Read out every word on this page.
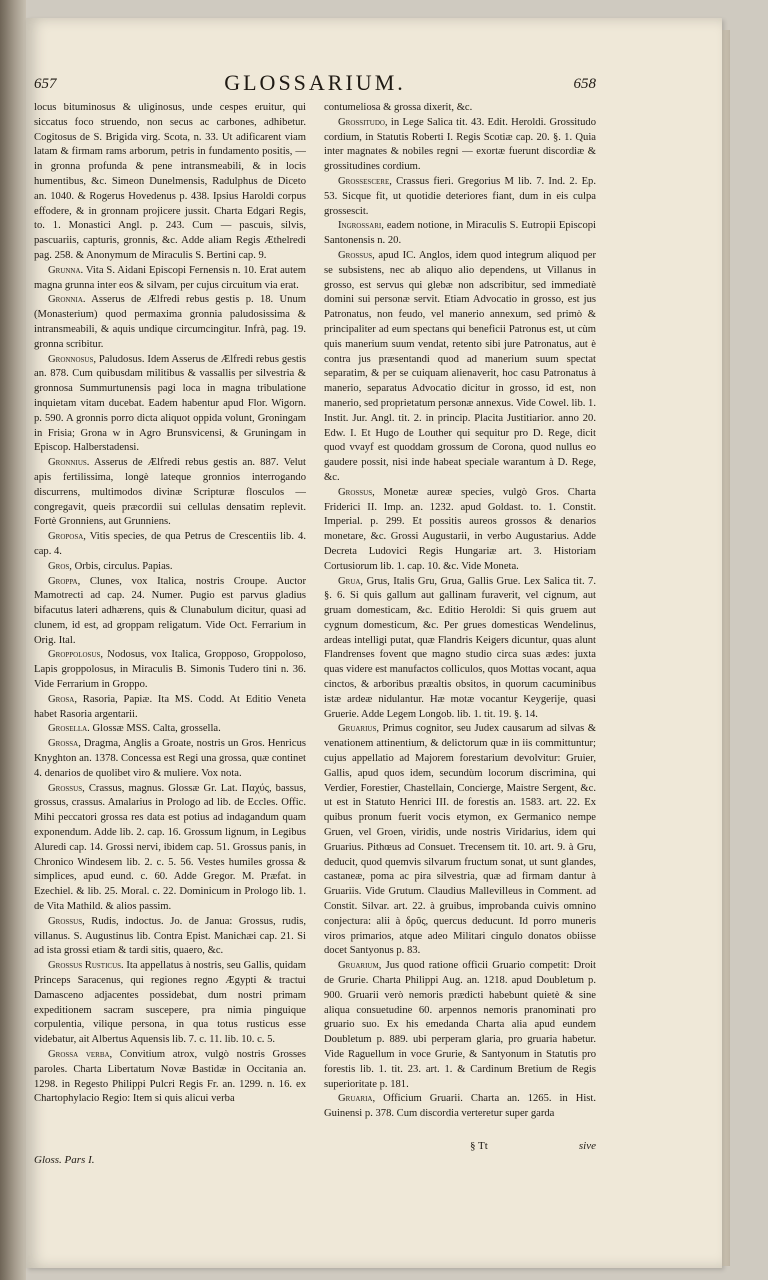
657	GLOSSARIUM.	658

locus bituminosus & uliginosus, unde cespes eruitur, qui siccatus foco struendo, non secus ac carbones, adhibetur. Cogitosus de S. Brigida virg. Scota, n. 33. Ut adificarent viam latam & firmam rams arborum, petris in fundamento positis, — in gronna profunda & pene intransmeabili, & in locis humentibus, &c. Simeon Dunelmensis, Radulphus de Diceto an. 1040. & Rogerus Hovedenus p. 438. Ipsius Haroldi corpus effodere, & in gronnam projicere jussit. Charta Edgari Regis, to. 1. Monastici Angl. p. 243. Cum — pascuis, silvis, pascuariis, capturis, gronnis, &c. Adde aliam Regis Æthelredi pag. 258. & Anonymum de Miraculis S. Bertini cap. 9.

Grunna. Vita S. Aidani Episcopi Fernensis n. 10. Erat autem magna grunna inter eos & silvam, per cujus circuitum via erat.

Gronnia. Asserus de Ælfredi rebus gestis p. 18. Unum (Monasterium) quod permaxima gronnia paludosissima & intransmeabili, & aquis undique circumcingitur. Infrà, pag. 19. gronna scribitur.

Gronnosus, Paludosus. Idem Asserus de Ælfredi rebus gestis an. 878. Cum quibusdam militibus & vassallis per silvestria & gronnosa Summurtunensis pagi loca in magna tribulatione inquietam vitam ducebat. Eadem habentur apud Flor. Wigorn. p. 590. A gronnis porro dicta aliquot oppida volunt, Groningam in Frisia; Grona w in Agro Brunsvicensi, & Gruningam in Episcop. Halberstadensi.

Gronnius. Asserus de Ælfredi rebus gestis an. 887. Velut apis fertilissima, longè lateque gronnios interrogando discurrens, multimodos divinæ Scripturæ flosculos — congregavit, queis præcordii sui cellulas densatim replevit. Fortè Gronniens, aut Grunniens.

Groposa, Vitis species, de qua Petrus de Crescentiis lib. 4. cap. 4.

Gros, Orbis, circulus. Papias.

Groppa, Clunes, vox Italica, nostris Croupe. Auctor Mamotrecti ad cap. 24. Numer. Pugio est parvus gladius bifacutus lateri adhærens, quis & Clunabulum dicitur, quasi ad clunem, id est, ad groppam religatum. Vide Oct. Ferrarium in Orig. Ital.

Groppolosus, Nodosus, vox Italica, Gropposo, Groppoloso, Lapis groppolosus, in Miraculis B. Simonis Tudero tini n. 36. Vide Ferrarium in Groppo.

Grosa, Rasoria, Papiæ. Ita MS. Codd. At Editio Veneta habet Rasoria argentarii.

Grosella. Glossæ MSS. Calta, grossella.

Grossa, Dragma, Anglis a Groate, nostris un Gros. Henricus Knyghton an. 1378. Concessa est Regi una grossa, quæ continet 4. denarios de quolibet viro & muliere. Vox nota.

Grossus, Crassus, magnus. Glossæ Gr. Lat. Παχύς, bassus, grossus, crassus. Amalarius in Prologo ad lib. de Eccles. Offic. Mihi peccatori grossa res data est potius ad indagandum quam exponendum. Adde lib. 2. cap. 16. Grossum lignum, in Legibus Aluredi cap. 14. Grossi nervi, ibidem cap. 51. Grossus panis, in Chronico Windesem lib. 2. c. 5. 56. Vestes humiles grossa & simplices, apud eund. c. 60. Adde Gregor. M. Præfat. in Ezechiel. & lib. 25. Moral. c. 22. Dominicum in Prologo lib. 1. de Vita Mathild. & alios passim.

Grossus, Rudis, indoctus. Jo. de Janua: Grossus, rudis, villanus. S. Augustinus lib. Contra Epist. Manichæi cap. 21. Si ad ista grossi etiam & tardi sitis, quaero, &c.

Grossus Rusticus. Ita appellatus à nostris, seu Gallis, quidam Princeps Saracenus, qui regiones regno Ægypti & tractui Damasceno adjacentes possidebat, dum nostri primam expeditionem sacram suscepere, pra nimia pinguique corpulentia, vilique persona, in qua totus rusticus esse videbatur, ait Albertus Aquensis lib. 7. c. 11. lib. 10. c. 5.

Grossa verba, Convitium atrox, vulgò nostris Grosses paroles. Charta Libertatum Novæ Bastidæ in Occitania an. 1298. in Regesto Philippi Pulcri Regis Fr. an. 1299. n. 16. ex Chartophylacio Regio: Item si quis alicui verba

contumeliosa & grossa dixerit, &c.

Grossitudo, in Lege Salica tit. 43. Edit. Heroldi. Grossitudo cordium, in Statutis Roberti I. Regis Scotiæ cap. 20. §. 1. Quia inter magnates & nobiles regni — exortæ fuerunt discordiæ & grossitudines cordium.

Grossescere, Crassus fieri. Gregorius M lib. 7. Ind. 2. Ep. 53. Sicque fit, ut quotidie deteriores fiant, dum in eis culpa grossescit.

Ingrossari, eadem notione, in Miraculis S. Eutropii Episcopi Santonensis n. 20.

Grossus, apud IC. Anglos, idem quod integrum aliquod per se subsistens, nec ab aliquo alio dependens, ut Villanus in grosso, est servus qui glebæ non adscribitur, sed immediatè domini sui personæ servit. Etiam Advocatio in grosso, est jus Patronatus, non feudo, vel manerio annexum, sed primò & principaliter ad eum spectans qui beneficii Patronus est, ut cùm quis manerium suum vendat, retento sibi jure Patronatus, aut è contra jus præsentandi quod ad manerium suum spectat separatim, & per se cuiquam alienaverit, hoc casu Patronatus à manerio, separatus Advocatio dicitur in grosso, id est, non manerio, sed proprietatum personæ annexus. Vide Cowel. lib. 1. Instit. Jur. Angl. tit. 2. in princip. Placita Justitiarior. anno 20. Edw. I. Et Hugo de Louther qui sequitur pro D. Rege, dicit quod vvayf est quoddam grossum de Corona, quod nullus eo gaudere possit, nisi inde habeat speciale warantum à D. Rege, &c.

Grossus, Monetæ aureæ species, vulgò Gros. Charta Friderici II. Imp. an. 1232. apud Goldast. to. 1. Constit. Imperial. p. 299. Et possitis aureos grossos & denarios monetare, &c. Grossi Augustarii, in verbo Augustarius. Adde Decreta Ludovici Regis Hungariæ art. 3. Historiam Cortusiorum lib. 1. cap. 10. &c. Vide Moneta.

Grua, Grus, Italis Gru, Grua, Gallis Grue. Lex Salica tit. 7. §. 6. Si quis gallum aut gallinam furaverit, vel cignum, aut gruam domesticam, &c. Editio Heroldi: Si quis gruem aut cygnum domesticum, &c. Per grues domesticas Wendelinus, ardeas intelligi putat, quæ Flandris Keigers dicuntur, quas alunt Flandrenses fovent que magno studio circa suas ædes: juxta quas videre est manufactos colliculos, quos Mottas vocant, aqua cinctos, & arboribus præaltis obsitos, in quorum cacuminibus istæ ardeæ nidulantur. Hæ motæ vocantur Keygerije, quasi Gruerie. Adde Legem Longob. lib. 1. tit. 19. §. 14.

Gruarius, Primus cognitor, seu Judex causarum ad silvas & venationem attinentium, & delictorum quæ in iis committuntur; cujus appellatio ad Majorem forestarium devolvitur: Gruier, Gallis, apud quos idem, secundùm locorum discrimina, qui Verdier, Forestier, Chastellain, Concierge, Maistre Sergent, &c. ut est in Statuto Henrici III. de forestis an. 1583. art. 22. Ex quibus pronum fuerit vocis etymon, ex Germanico nempe Gruen, vel Groen, viridis, unde nostris Viridarius, idem qui Gruarius. Pithœus ad Consuet. Trecensem tit. 10. art. 9. à Gru, deducit, quod quemvis silvarum fructum sonat, ut sunt glandes, castaneæ, poma ac pira silvestria, quæ ad firmam dantur à Gruariis. Vide Grutum. Claudius Mallevilleus in Comment. ad Constit. Silvar. art. 22. à gruibus, improbanda cuivis omnino conjectura: alii à δρῦς, quercus deducunt. Id porro muneris viros primarios, atque adeo Militari cingulo donatos obiisse docet Santyonus p. 83.

Gruarium, Jus quod ratione officii Gruario competit: Droit de Grurie. Charta Philippi Aug. an. 1218. apud Doubletum p. 900. Gruarii verò nemoris prædicti habebunt quietè & sine aliqua consuetudine 60. arpennos nemoris pranominati pro gruario suo. Ex his emedanda Charta alia apud eundem Doubletum p. 889. ubi perperam glaria, pro gruaria habetur. Vide Raguellum in voce Grurie, & Santyonum in Statutis pro forestis lib. 1. tit. 23. art. 1. & Cardinum Bretium de Regis superioritate p. 181.

Gruaria, Officium Gruarii. Charta an. 1265. in Hist. Guinensi p. 378. Cum discordia verteretur super garda

Gloss. Pars I.
§ Tt	sive
